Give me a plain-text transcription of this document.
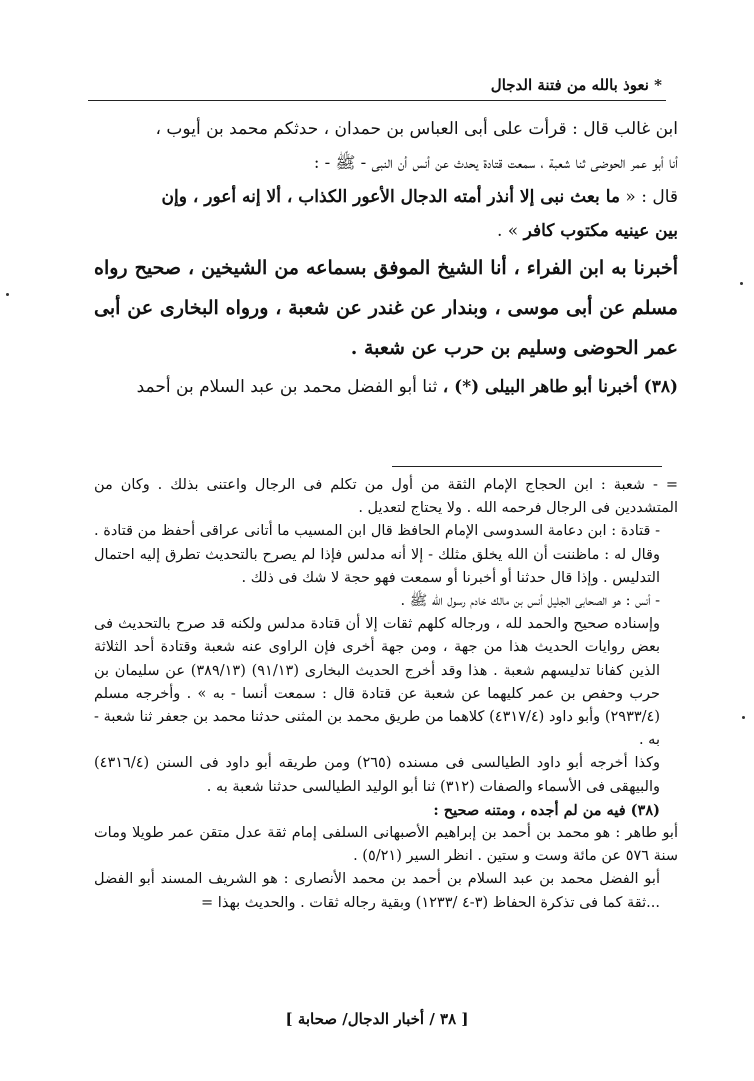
* نعوذ بالله من فتنة الدجال

ابن غالب قال : قرأت على أبى العباس بن حمدان ، حدثكم محمد بن أيوب ،

أنا أبو عمر الحوضى ثنا شعبة ، سمعت قتادة يحدث عن أنس أن النبى - ﷺ - :

قال : « ما بعث نبى إلا أنذر أمته الدجال الأعور الكذاب ، ألا إنه أعور ، وإن

بين عينيه مكتوب كافر » .

أخبرنا به ابن الفراء ، أنا الشيخ الموفق بسماعه من الشيخين ، صحيح رواه مسلم عن أبى موسى ، وبندار عن غندر عن شعبة ، ورواه البخارى عن أبى عمر الحوضى وسليم بن حرب عن شعبة .

(٣٨) أخبرنا أبو طاهر البيلى (*) ، ثنا أبو الفضل محمد بن عبد السلام بن أحمد

= - شعبة : ابن الحجاج الإمام الثقة من أول من تكلم فى الرجال واعتنى بذلك . وكان من المتشددين فى الرجال فرحمه الله . ولا يحتاج لتعديل .

- قتادة : ابن دعامة السدوسى الإمام الحافظ قال ابن المسيب ما أتانى عراقى أحفظ من قتادة . وقال له : ماظننت أن الله يخلق مثلك - إلا أنه مدلس فإذا لم يصرح بالتحديث تطرق إليه احتمال التدليس . وإذا قال حدثنا أو أخبرنا أو سمعت فهو حجة لا شك فى ذلك .

- أنس : هو الصحابى الجليل أنس بن مالك خادم رسول الله ﷺ .

وإسناده صحيح والحمد لله ، ورجاله كلهم ثقات إلا أن قتادة مدلس ولكنه قد صرح بالتحديث فى بعض روايات الحديث هذا من جهة ، ومن جهة أخرى فإن الراوى عنه شعبة وقتادة أحد الثلاثة الذين كفانا تدليسهم شعبة . هذا وقد أخرج الحديث البخارى (٩١/١٣) (٣٨٩/١٣) عن سليمان بن حرب وحفص بن عمر كليهما عن شعبة عن قتادة قال : سمعت أنسا - به » . وأخرجه مسلم (٢٩٣٣/٤) وأبو داود (٤٣١٧/٤) كلاهما من طريق محمد بن المثنى حدثنا محمد بن جعفر ثنا شعبة - به .

وكذا أخرجه أبو داود الطيالسى فى مسنده (٢٦٥) ومن طريقه أبو داود فى السنن (٤٣١٦/٤) والبيهقى فى الأسماء والصفات (٣١٢) ثنا أبو الوليد الطيالسى حدثنا شعبة به .

(٣٨) فيه من لم أجده ، ومتنه صحيح :

أبو طاهر : هو محمد بن أحمد بن إبراهيم الأصبهانى السلفى إمام ثقة عدل متقن عمر طويلا ومات سنة ٥٧٦ عن مائة وست و ستين . انظر السير (٥/٢١) .

أبو الفضل محمد بن عبد السلام بن أحمد بن محمد الأنصارى : هو الشريف المسند أبو الفضل ...ثقة كما فى تذكرة الحفاظ (٣-٤ /١٢٣٣) وبقية رجاله ثقات . والحديث بهذا =

[ ٣٨ / أخبار الدجال/ صحابة ]
